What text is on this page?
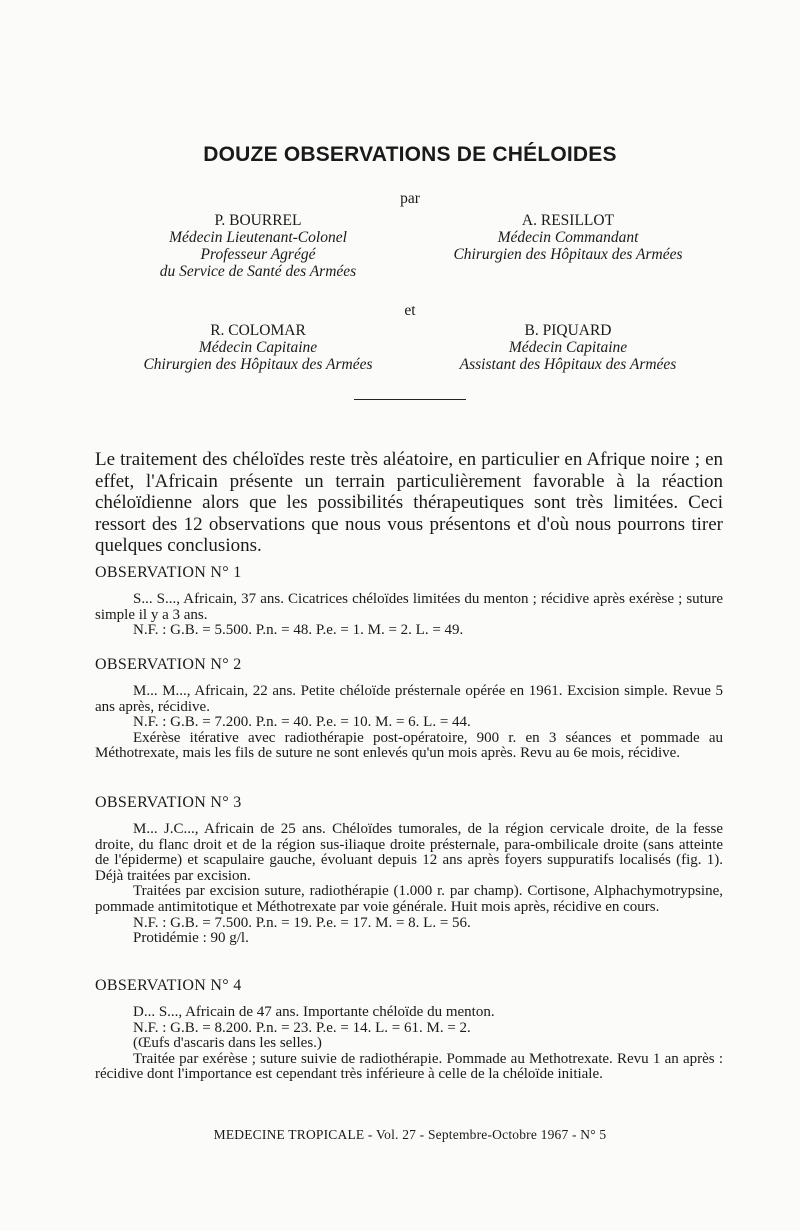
DOUZE OBSERVATIONS DE CHÉLOIDES
par
P. BOURREL
Médecin Lieutenant-Colonel
Professeur Agrégé
du Service de Santé des Armées
A. RESILLOT
Médecin Commandant
Chirurgien des Hôpitaux des Armées
et
R. COLOMAR
Médecin Capitaine
Chirurgien des Hôpitaux des Armées
B. PIQUARD
Médecin Capitaine
Assistant des Hôpitaux des Armées
Le traitement des chéloïdes reste très aléatoire, en particulier en Afrique noire ; en effet, l'Africain présente un terrain particulièrement favorable à la réaction chéloïdienne alors que les possibilités thérapeutiques sont très limitées. Ceci ressort des 12 observations que nous vous présentons et d'où nous pourrons tirer quelques conclusions.
OBSERVATION N° 1

S... S..., Africain, 37 ans. Cicatrices chéloïdes limitées du menton ; récidive après exérèse ; suture simple il y a 3 ans.

N.F. : G.B. = 5.500. P.n. = 48. P.e. = 1. M. = 2. L. = 49.

OBSERVATION N° 2

M... M..., Africain, 22 ans. Petite chéloïde présternale opérée en 1961. Excision simple. Revue 5 ans après, récidive.

N.F. : G.B. = 7.200. P.n. = 40. P.e. = 10. M. = 6. L. = 44.

Exérèse itérative avec radiothérapie post-opératoire, 900 r. en 3 séances et pommade au Méthotrexate, mais les fils de suture ne sont enlevés qu'un mois après. Revu au 6e mois, récidive.

OBSERVATION N° 3

M... J.C..., Africain de 25 ans. Chéloïdes tumorales, de la région cervicale droite, de la fesse droite, du flanc droit et de la région sus-iliaque droite présternale, para-ombilicale droite (sans atteinte de l'épiderme) et scapulaire gauche, évoluant depuis 12 ans après foyers suppuratifs localisés (fig. 1). Déjà traitées par excision.

Traitées par excision suture, radiothérapie (1.000 r. par champ). Cortisone, Alphachymotrypsine, pommade antimitotique et Méthotrexate par voie générale. Huit mois après, récidive en cours.

N.F. : G.B. = 7.500. P.n. = 19. P.e. = 17. M. = 8. L. = 56.

Protidémie : 90 g/l.

OBSERVATION N° 4

D... S..., Africain de 47 ans. Importante chéloïde du menton.

N.F. : G.B. = 8.200. P.n. = 23. P.e. = 14. L. = 61. M. = 2.

(Œufs d'ascaris dans les selles.)

Traitée par exérèse ; suture suivie de radiothérapie. Pommade au Methotrexate. Revu 1 an après : récidive dont l'importance est cependant très inférieure à celle de la chéloïde initiale.

MEDECINE TROPICALE - Vol. 27 - Septembre-Octobre 1967 - N° 5
